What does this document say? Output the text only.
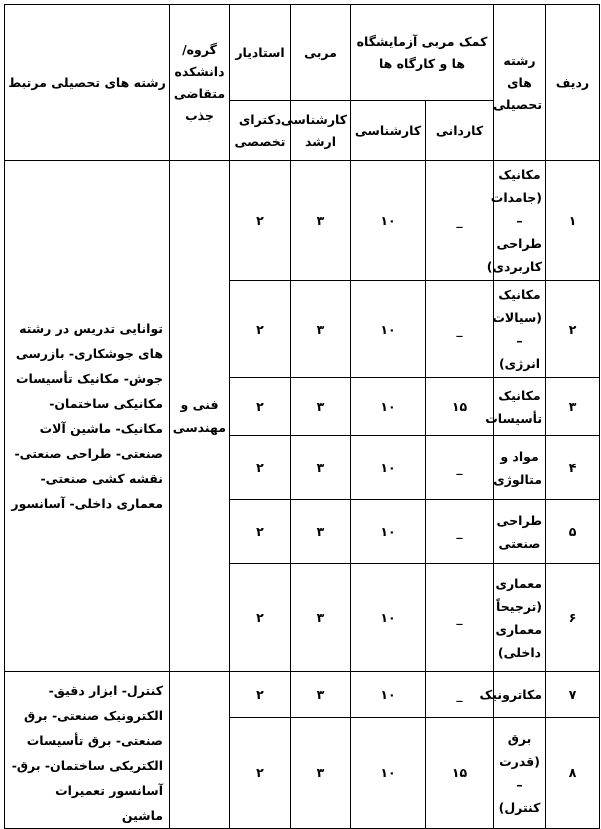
ردیف	رشته های تحصیلی	کمک مربی آزمایشگاه ها و کارگاه ها		مربی	استادیار	گروه/ دانشکده متقاضی جذب	رشته های تحصیلی مرتبط
		کاردانی	کارشناسی	کارشناسی ارشد	دکترای تخصصی		
۱	مکانیک (جامدات – طراحی کاربردی)	_	۱۰	۳	۲	فنی و مهندسی	توانایی تدریس در رشته های جوشکاری- بازرسی جوش- مکانیک تأسیسات مکانیکی ساختمان- مکانیک- ماشین آلات صنعتی- طراحی صنعتی- نقشه کشی صنعتی- معماری داخلی- آسانسور
۲	مکانیک (سیالات – انرژی)	_	۱۰	۳	۲		
۳	مکانیک تأسیسات	۱۵	۱۰	۳	۲		
۴	مواد و متالوژی	_	۱۰	۳	۲		
۵	طراحی صنعتی	_	۱۰	۳	۲		
۶	معماری (ترجیحاً معماری داخلی)	_	۱۰	۳	۲		
۷	مکاترونیک	_	۱۰	۳	۲		کنترل- ابزار دقیق- الکترونیک صنعتی- برق صنعتی- برق تأسیسات الکتریکی ساختمان- برق- آسانسور تعمیرات ماشین
۸	برق (قدرت – کنترل)	۱۵	۱۰	۳	۲		
